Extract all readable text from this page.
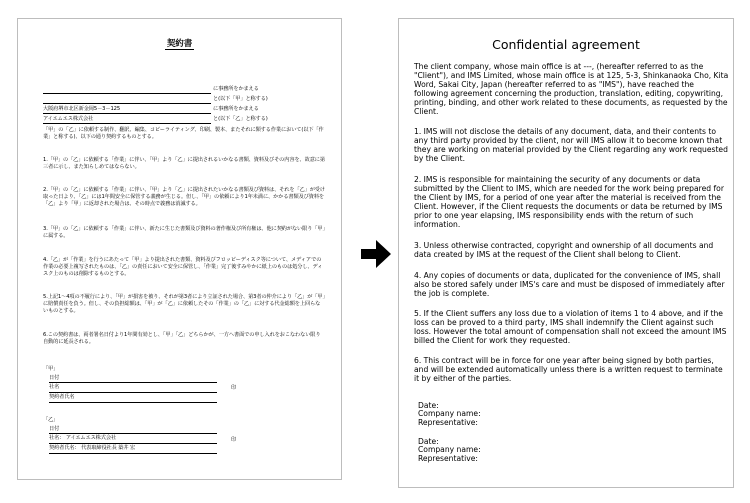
契約書
に事務所をかまえる
と(以下「甲」と称する)
大阪府堺市北区新金岡5－3－125	に事務所をかまえる
アイエムエス株式会社	と(以下「乙」と称する)
「甲」の「乙」に依頼する制作、翻訳、編集、コピーライティング、印刷、製本、またそれに類する作業において(以下「作業」と称する)、以下の通り契約するものとする。
1.「甲」の「乙」に依頼する「作業」に伴い、「甲」より「乙」に提出されるいかなる書類、資料及びその内容を、故意に第三者に示し、また知らしめてはならない。
2.「甲」の「乙」に依頼する「作業」に伴い、「甲」より「乙」に提出されたいかなる書類及び資料は、それを「乙」が受け取った日より、「乙」には1年間安全に保管する義務が生じる。但し、「甲」の依頼により1年未満に、かかる書類及び資料を「乙」より「甲」に返却された場合は、その時点で義務は消滅する。
3.「甲」の「乙」に依頼する「作業」に伴い、新たに生じた書類及び資料の著作権及び所有権は、他に契約がない限り「甲」に属する。
4.「乙」が「作業」を行うにあたって「甲」より提出された書類、資料及びフロッピーディスク等について、メディアでの作業の必要上複写されたものは、「乙」の責任において安全に保管し、「作業」完了後すみやかに紙上のものは処分し、ディスク上のものは削除するものとする。
5.上記1～4項の不履行により、「甲」が損害を被り、それが第3者により立証された場合、第3者の仲介により「乙」が「甲」に賠償責任を負う。但し、その負担総額は、「甲」が「乙」に依頼したその「作業」の「乙」に対する代金総額を上回らないものとする。
6.この契約書は、両者署名日付より1年間有効とし、「甲」「乙」どちらかが、一方へ書面での申し入れをおこなわない限り自動的に延長される。
「甲」
日付
社名
契約者氏名
印
「乙」
日付
社名： アイエムエス株式会社
契約者氏名： 代表取締役社長 築井 宏
印
Confidential agreement
The client company, whose main office is at ---, (hereafter referred to as the "Client"), and IMS Limited, whose main office is at 125, 5-3, Shinkanaoka Cho, Kita Word, Sakai City, Japan (hereafter referred to as "IMS"), have reached the following agreement concerning the production, translation, editing, copywriting, printing, binding, and other work related to these documents, as requested by the Client.
1. IMS will not disclose the details of any document, data, and their contents to any third party provided by the client, nor will IMS allow it to become known that they are working on material provided by the Client regarding any work requested by the Client.
2. IMS is responsible for maintaining the security of any documents or data submitted by the Client to IMS, which are needed for the work being prepared for the Client by IMS, for a period of one year after the material is received from the Client. However, if the Client requests the documents or data be returned by IMS prior to one year elapsing, IMS responsibility ends with the return of such information.
3. Unless otherwise contracted, copyright and ownership of all documents and data created by IMS at the request of the Client shall belong to Client.
4. Any copies of documents or data, duplicated for the convenience of IMS, shall also be stored safely under IMS's care and must be disposed of immediately after the job is complete.
5. If the Client suffers any loss due to a violation of items 1 to 4 above, and if the loss can be proved to a third party, IMS shall indemnify the Client against such loss. However the total amount of compensation shall not exceed the amount IMS billed the Client for work they requested.
6. This contract will be in force for one year after being signed by both parties, and will be extended automatically unless there is a written request to terminate it by either of the parties.
Date:
Company name:
Representative:
Date:
Company name:
Representative:
